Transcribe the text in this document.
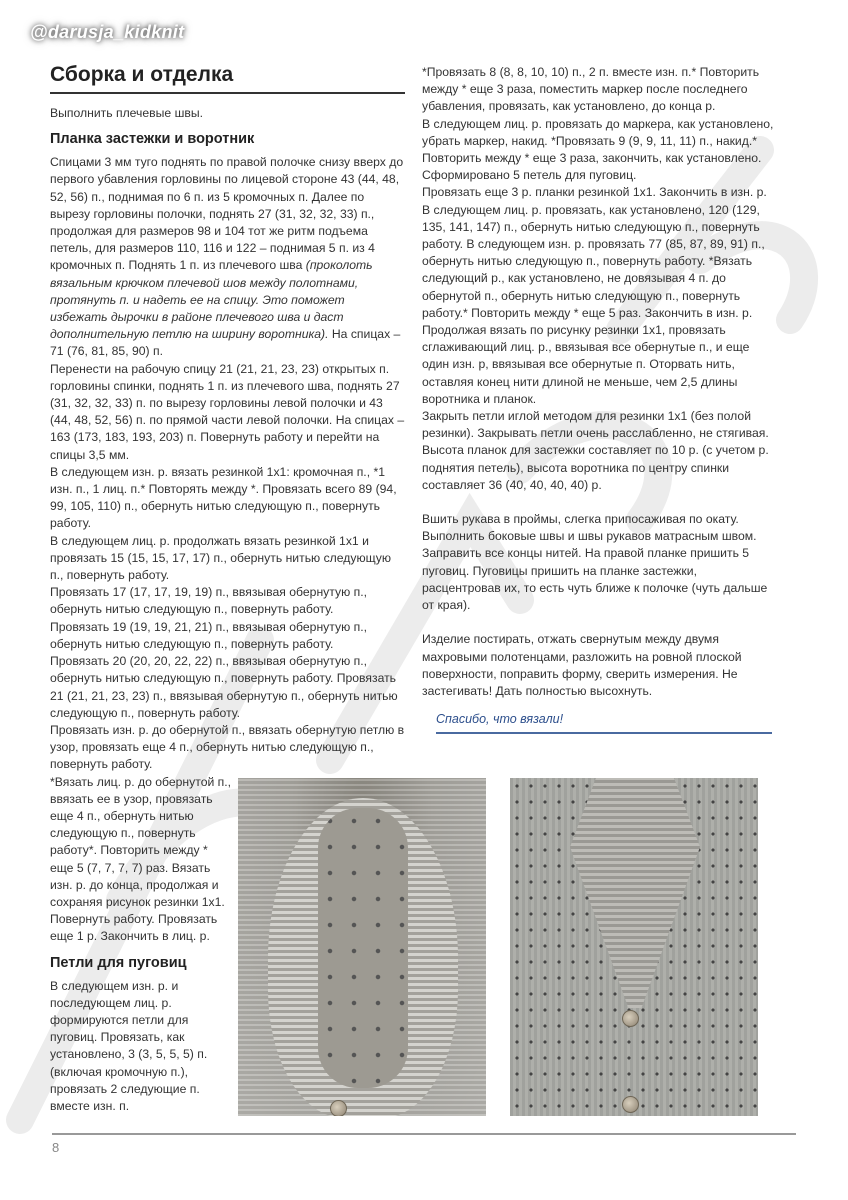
@darusja_kidknit
Сборка и отделка

Выполнить плечевые швы.

Планка застежки и воротник

Спицами 3 мм туго поднять по правой полочке снизу вверх до первого убавления горловины по лицевой стороне 43 (44, 48, 52, 56) п., поднимая по 6 п. из 5 кромочных п. Далее по вырезу горловины полочки, поднять 27 (31, 32, 32, 33) п., продолжая для размеров 98 и 104 тот же ритм подъема петель, для размеров 110, 116 и 122 – поднимая 5 п. из 4 кромочных п. Поднять 1 п. из плечевого шва (проколоть вязальным крючком плечевой шов между полотнами, протянуть п. и надеть ее на спицу. Это поможет избежать дырочки в районе плечевого шва и даст дополнительную петлю на ширину воротника). На спицах – 71 (76, 81, 85, 90) п.

Перенести на рабочую спицу 21 (21, 21, 23, 23) открытых п. горловины спинки, поднять 1 п. из плечевого шва, поднять 27 (31, 32, 32, 33) п. по вырезу горловины левой полочки и 43 (44, 48, 52, 56) п. по прямой части левой полочки. На спицах – 163 (173, 183, 193, 203) п. Повернуть работу и перейти на спицы 3,5 мм.

В следующем изн. р. вязать резинкой 1х1: кромочная п., *1 изн. п., 1 лиц. п.* Повторять между *. Провязать всего 89 (94, 99, 105, 110) п., обернуть нитью следующую п., повернуть работу.

В следующем лиц. р. продолжать вязать резинкой 1х1 и провязать 15 (15, 15, 17, 17) п., обернуть нитью следующую п., повернуть работу.

Провязать 17 (17, 17, 19, 19) п., ввязывая обернутую п., обернуть нитью следующую п., повернуть работу.

Провязать 19 (19, 19, 21, 21) п., ввязывая обернутую п., обернуть нитью следующую п., повернуть работу.

Провязать 20 (20, 20, 22, 22) п., ввязывая обернутую п., обернуть нитью следующую п., повернуть работу. Провязать 21 (21, 21, 23, 23) п., ввязывая обернутую п., обернуть нитью следующую п., повернуть работу.

Провязать изн. р. до обернутой п., ввязать обернутую петлю в узор, провязать еще 4 п., обернуть нитью следующую п., повернуть работу.

*Вязать лиц. р. до обернутой п., ввязать ее в узор, провязать еще 4 п., обернуть нитью следующую п., повернуть работу*. Повторить между * еще 5 (7, 7, 7, 7) раз. Вязать изн. р. до конца, продолжая и сохраняя рисунок резинки 1х1. Повернуть работу. Провязать еще 1 р. Закончить в лиц. р.

Петли для пуговиц

В следующем изн. р. и последующем лиц. р. формируются петли для пуговиц. Провязать, как установлено, 3 (3, 5, 5, 5) п. (включая кромочную п.), провязать 2 следующие п. вместе изн. п.

*Провязать 8 (8, 8, 10, 10) п., 2 п. вместе изн. п.* Повторить между * еще 3 раза, поместить маркер после последнего убавления, провязать, как установлено, до конца р.

В следующем лиц. р. провязать до маркера, как установлено, убрать маркер, накид. *Провязать 9 (9, 9, 11, 11) п., накид.* Повторить между * еще 3 раза, закончить, как установлено. Сформировано 5 петель для пуговиц.

Провязать еще 3 р. планки резинкой 1х1. Закончить в изн. р. В следующем лиц. р. провязать, как установлено, 120 (129, 135, 141, 147) п., обернуть нитью следующую п., повернуть работу. В следующем изн. р. провязать 77 (85, 87, 89, 91) п., обернуть нитью следующую п., повернуть работу. *Вязать следующий р., как установлено, не довязывая 4 п. до обернутой п., обернуть нитью следующую п., повернуть работу.* Повторить между * еще 5 раз. Закончить в изн. р.

Продолжая вязать по рисунку резинки 1х1, провязать сглаживающий лиц. р., ввязывая все обернутые п., и еще один изн. р, ввязывая все обернутые п. Оторвать нить, оставляя конец нити длиной не меньше, чем 2,5 длины воротника и планок.

Закрыть петли иглой методом для резинки 1х1 (без полой резинки). Закрывать петли очень расслабленно, не стягивая. Высота планок для застежки составляет по 10 р. (с учетом р. поднятия петель), высота воротника по центру спинки составляет 36 (40, 40, 40, 40) р.

Вшить рукава в проймы, слегка припосаживая по окату. Выполнить боковые швы и швы рукавов матрасным швом. Заправить все концы нитей. На правой планке пришить 5 пуговиц. Пуговицы пришить на планке застежки, расцентровав их, то есть чуть ближе к полочке (чуть дальше от края).

Изделие постирать, отжать свернутым между двумя махровыми полотенцами, разложить на ровной плоской поверхности, поправить форму, сверить измерения. Не застегивать! Дать полностью высохнуть.

Спасибо, что вязали!
8
